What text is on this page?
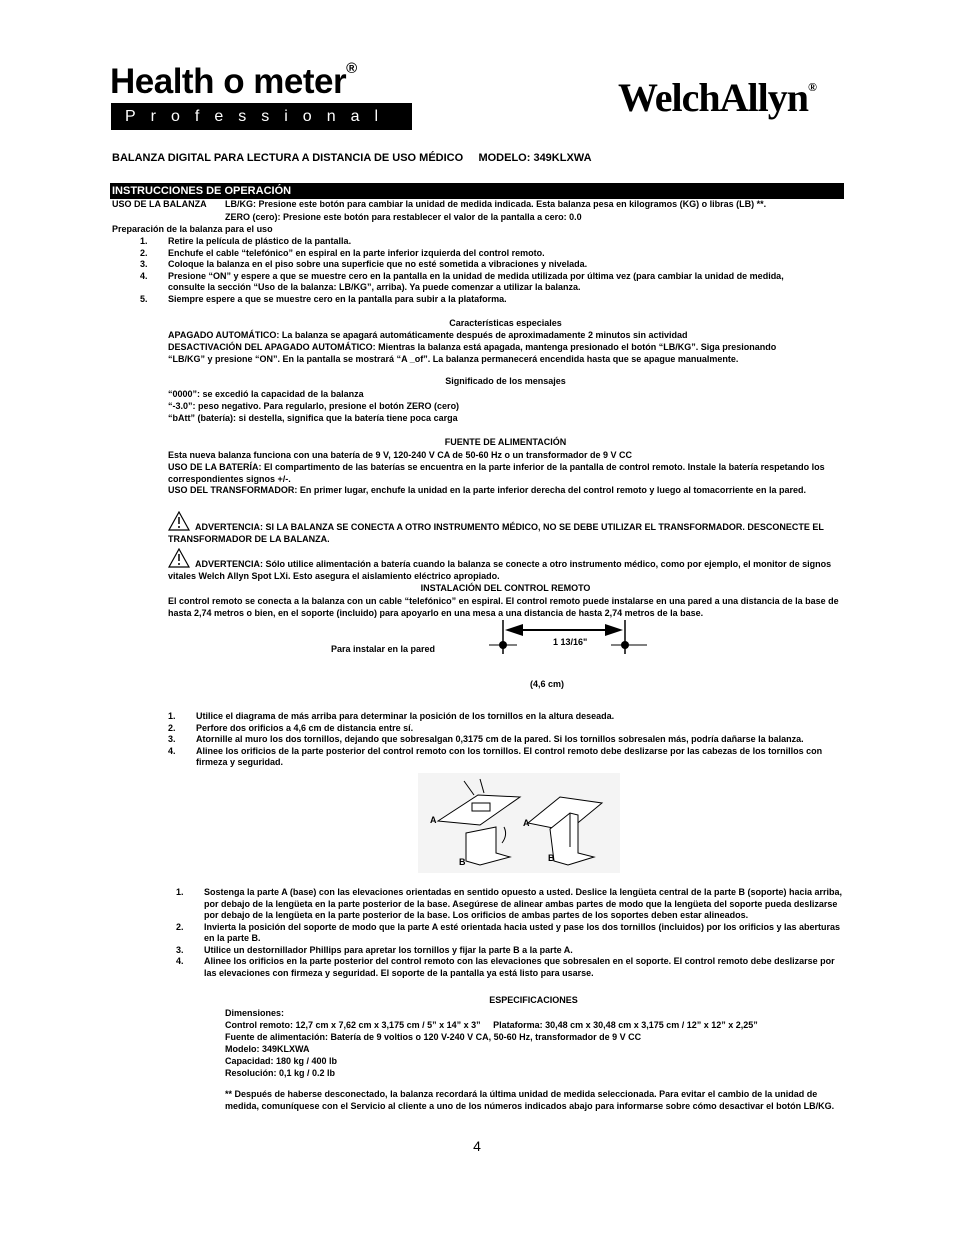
Health o meter®
Professional	WelchAllyn®
BALANZA DIGITAL PARA LECTURA A DISTANCIA DE USO MÉDICO     MODELO: 349KLXWA
INSTRUCCIONES DE OPERACIÓN
USO DE LA BALANZA LB/KG: Presione este botón para cambiar la unidad de medida indicada. Esta balanza pesa en kilogramos (KG) o libras (LB) **.
ZERO (cero): Presione este botón para restablecer el valor de la pantalla a cero: 0.0
Preparación de la balanza para el uso
1. Retire la película de plástico de la pantalla.
2. Enchufe el cable “telefónico” en espiral en la parte inferior izquierda del control remoto.
3. Coloque la balanza en el piso sobre una superficie que no esté sometida a vibraciones y nivelada.
4. Presione “ON” y espere a que se muestre cero en la pantalla en la unidad de medida utilizada por última vez (para cambiar la unidad de medida, consulte la sección “Uso de la balanza: LB/KG”, arriba). Ya puede comenzar a utilizar la balanza.
5. Siempre espere a que se muestre cero en la pantalla para subir a la plataforma.
Características especiales
APAGADO AUTOMÁTICO: La balanza se apagará automáticamente después de aproximadamente 2 minutos sin actividad
DESACTIVACIÓN DEL APAGADO AUTOMÁTICO: Mientras la balanza está apagada, mantenga presionado el botón “LB/KG”. Siga presionando “LB/KG” y presione “ON”. En la pantalla se mostrará “A _of”. La balanza permanecerá encendida hasta que se apague manualmente.
Significado de los mensajes
“0000”: se excedió la capacidad de la balanza
“-3.0”: peso negativo. Para regularlo, presione el botón ZERO (cero)
“bAtt” (batería): si destella, significa que la batería tiene poca carga
FUENTE DE ALIMENTACIÓN
Esta nueva balanza funciona con una batería de 9 V, 120-240 V CA de 50-60 Hz o un transformador de 9 V CC
USO DE LA BATERÍA: El compartimento de las baterías se encuentra en la parte inferior de la pantalla de control remoto. Instale la batería respetando los correspondientes signos +/-.
USO DEL TRANSFORMADOR: En primer lugar, enchufe la unidad en la parte inferior derecha del control remoto y luego al tomacorriente en la pared.
ADVERTENCIA: SI LA BALANZA SE CONECTA A OTRO INSTRUMENTO MÉDICO, NO SE DEBE UTILIZAR EL TRANSFORMADOR. DESCONECTE EL TRANSFORMADOR DE LA BALANZA.
ADVERTENCIA: Sólo utilice alimentación a batería cuando la balanza se conecte a otro instrumento médico, como por ejemplo, el monitor de signos vitales Welch Allyn Spot LXi. Esto asegura el aislamiento eléctrico apropiado.
INSTALACIÓN DEL CONTROL REMOTO
El control remoto se conecta a la balanza con un cable “telefónico” en espiral. El control remoto puede instalarse en una pared a una distancia de la base de hasta 2,74 metros o bien, en el soporte (incluido) para apoyarlo en una mesa a una distancia de hasta 2,74 metros de la base.
Para instalar en la pared
1 13/16"
(4,6 cm)
1. Utilice el diagrama de más arriba para determinar la posición de los tornillos en la altura deseada.
2. Perfore dos orificios a 4,6 cm de distancia entre sí.
3. Atornille al muro los dos tornillos, dejando que sobresalgan 0,3175 cm de la pared. Si los tornillos sobresalen más, podría dañarse la balanza.
4. Alinee los orificios de la parte posterior del control remoto con los tornillos. El control remoto debe deslizarse por las cabezas de los tornillos con firmeza y seguridad.
A
B
A
B
1. Sostenga la parte A (base) con las elevaciones orientadas en sentido opuesto a usted. Deslice la lengüeta central de la parte B (soporte) hacia arriba, por debajo de la lengüeta en la parte posterior de la base. Asegúrese de alinear ambas partes de modo que la lengüeta del soporte pueda deslizarse por debajo de la lengüeta en la parte posterior de la base. Los orificios de ambas partes de los soportes deben estar alineados.
2. Invierta la posición del soporte de modo que la parte A esté orientada hacia usted y pase los dos tornillos (incluidos) por los orificios y las aberturas en la parte B.
3. Utilice un destornillador Phillips para apretar los tornillos y fijar la parte B a la parte A.
4. Alinee los orificios en la parte posterior del control remoto con las elevaciones que sobresalen en el soporte. El control remoto debe deslizarse por las elevaciones con firmeza y seguridad. El soporte de la pantalla ya está listo para usarse.
ESPECIFICACIONES
Dimensiones:
Control remoto: 12,7 cm x 7,62 cm x 3,175 cm / 5” x 14” x 3”     Plataforma: 30,48 cm x 30,48 cm x 3,175 cm / 12” x 12” x 2,25”
Fuente de alimentación: Batería de 9 voltios o 120 V-240 V CA, 50-60 Hz, transformador de 9 V CC
Modelo: 349KLXWA
Capacidad: 180 kg / 400 lb
Resolución: 0,1 kg / 0.2 lb
** Después de haberse desconectado, la balanza recordará la última unidad de medida seleccionada. Para evitar el cambio de la unidad de medida, comuníquese con el Servicio al cliente a uno de los números indicados abajo para informarse sobre cómo desactivar el botón LB/KG.
4
